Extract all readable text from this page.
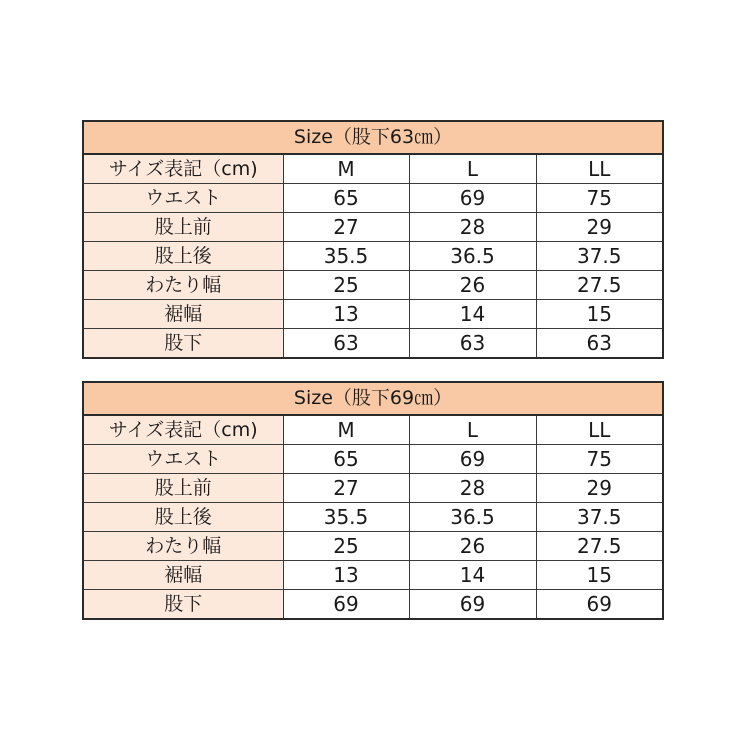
Size（股下63㎝）			
サイズ表記（cm)	M	L	LL
ウエスト	65	69	75
股上前	27	28	29
股上後	35.5	36.5	37.5
わたり幅	25	26	27.5
裾幅	13	14	15
股下	63	63	63
Size（股下69㎝）			
サイズ表記（cm)	M	L	LL
ウエスト	65	69	75
股上前	27	28	29
股上後	35.5	36.5	37.5
わたり幅	25	26	27.5
裾幅	13	14	15
股下	69	69	69
